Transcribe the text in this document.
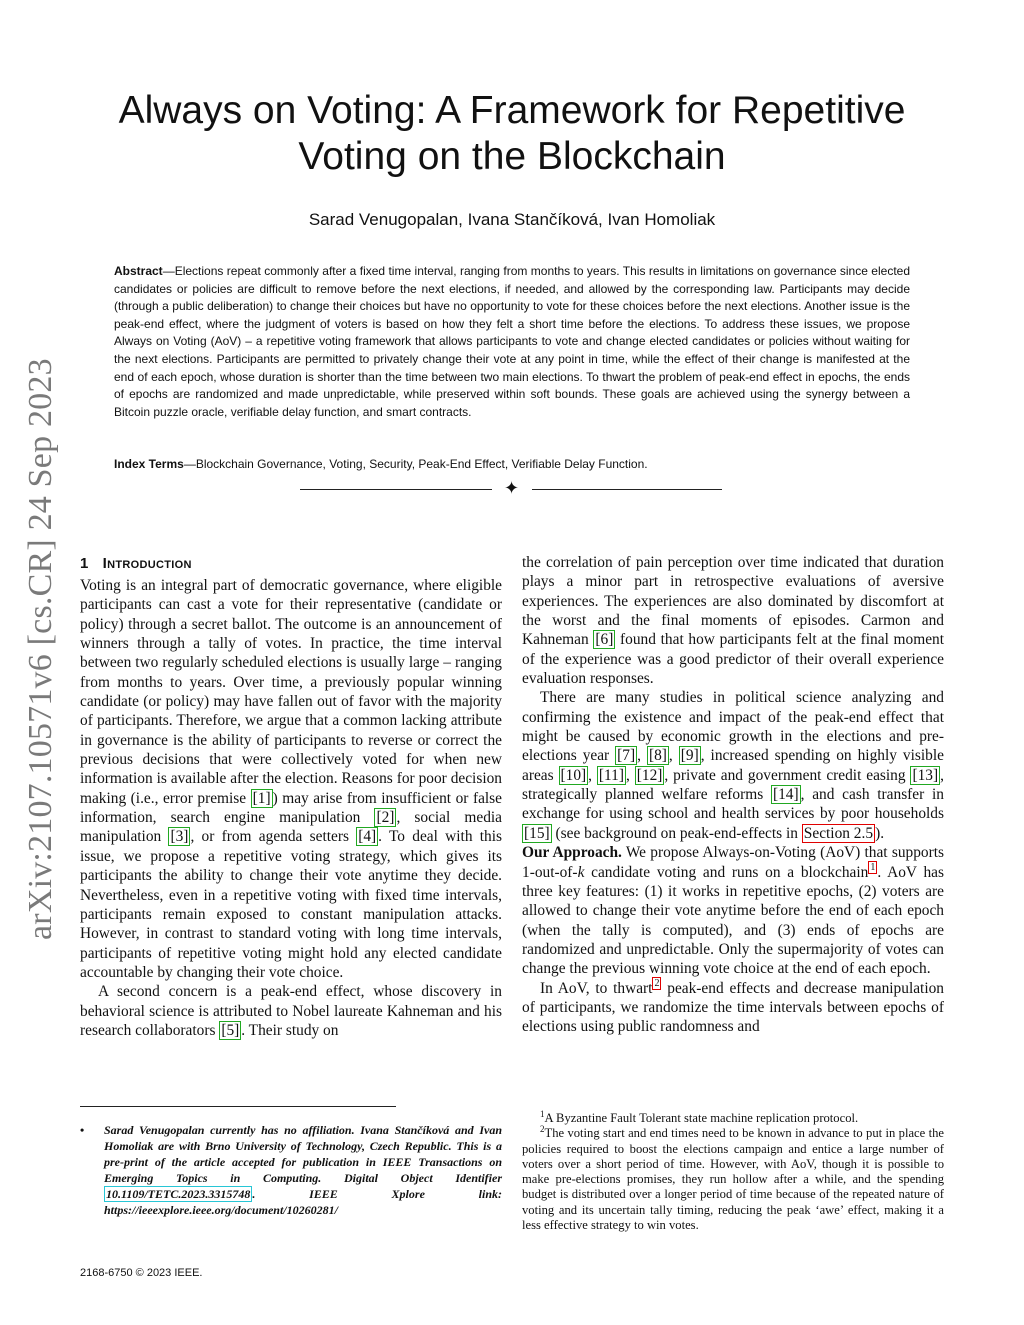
arXiv:2107.10571v6 [cs.CR] 24 Sep 2023
Always on Voting: A Framework for Repetitive Voting on the Blockchain
Sarad Venugopalan, Ivana Stančíková, Ivan Homoliak

Abstract—Elections repeat commonly after a fixed time interval, ranging from months to years. This results in limitations on governance since elected candidates or policies are difficult to remove before the next elections, if needed, and allowed by the corresponding law. Participants may decide (through a public deliberation) to change their choices but have no opportunity to vote for these choices before the next elections. Another issue is the peak-end effect, where the judgment of voters is based on how they felt a short time before the elections. To address these issues, we propose Always on Voting (AoV) – a repetitive voting framework that allows participants to vote and change elected candidates or policies without waiting for the next elections. Participants are permitted to privately change their vote at any point in time, while the effect of their change is manifested at the end of each epoch, whose duration is shorter than the time between two main elections. To thwart the problem of peak-end effect in epochs, the ends of epochs are randomized and made unpredictable, while preserved within soft bounds. These goals are achieved using the synergy between a Bitcoin puzzle oracle, verifiable delay function, and smart contracts.

Index Terms—Blockchain Governance, Voting, Security, Peak-End Effect, Verifiable Delay Function.

✦
1 Introduction

Voting is an integral part of democratic governance, where eligible participants can cast a vote for their representative (candidate or policy) through a secret ballot. The outcome is an announcement of winners through a tally of votes. In practice, the time interval between two regularly scheduled elections is usually large – ranging from months to years. Over time, a previously popular winning candidate (or policy) may have fallen out of favor with the majority of participants. Therefore, we argue that a common lacking attribute in governance is the ability of participants to reverse or correct the previous decisions that were collectively voted for when new information is available after the election. Reasons for poor decision making (i.e., error premise [1] ) may arise from insufficient or false information, search engine manipulation [2] , social media manipulation [3] , or from agenda setters [4] . To deal with this issue, we propose a repetitive voting strategy, which gives its participants the ability to change their vote anytime they decide. Nevertheless, even in a repetitive voting with fixed time intervals, participants remain exposed to constant manipulation attacks. However, in contrast to standard voting with long time intervals, participants of repetitive voting might hold any elected candidate accountable by changing their vote choice.

A second concern is a peak-end effect, whose discovery in behavioral science is attributed to Nobel laureate Kahneman and his research collaborators [5] . Their study on

the correlation of pain perception over time indicated that duration plays a minor part in retrospective evaluations of aversive experiences. The experiences are also dominated by discomfort at the worst and the final moments of episodes. Carmon and Kahneman [6] found that how participants felt at the final moment of the experience was a good predictor of their overall experience evaluation responses.

There are many studies in political science analyzing and confirming the existence and impact of the peak-end effect that might be caused by economic growth in the elections and pre-elections year [7] , [8] , [9] , increased spending on highly visible areas [10] , [11] , [12] , private and government credit easing [13] , strategically planned welfare reforms [14] , and cash transfer in exchange for using school and health services by poor households [15] (see background on peak-end-effects in Section 2.5 ).

Our Approach. We propose Always-on-Voting (AoV) that supports 1-out-of-k candidate voting and runs on a blockchain $^1$ . AoV has three key features: (1) it works in repetitive epochs, (2) voters are allowed to change their vote anytime before the end of each epoch (when the tally is computed), and (3) ends of epochs are randomized and unpredictable. Only the supermajority of votes can change the previous winning vote choice at the end of each epoch.

In AoV, to thwart $^2$ peak-end effects and decrease manipulation of participants, we randomize the time intervals between epochs of elections using public randomness and

• Sarad Venugopalan currently has no affiliation. Ivana Stančíková and Ivan Homoliak are with Brno University of Technology, Czech Republic. This is a pre-print of the article accepted for publication in IEEE Transactions on Emerging Topics in Computing. Digital Object Identifier 10.1109/TETC.2023.3315748 . IEEE Xplore link: https://ieeexplore.ieee.org/document/10260281/

$^1$A Byzantine Fault Tolerant state machine replication protocol.

$^2$The voting start and end times need to be known in advance to put in place the policies required to boost the elections campaign and entice a large number of voters over a short period of time. However, with AoV, though it is possible to make pre-elections promises, they run hollow after a while, and the spending budget is distributed over a longer period of time because of the repeated nature of voting and its uncertain tally timing, reducing the peak ‘awe’ effect, making it a less effective strategy to win votes.

2168-6750 © 2023 IEEE.
